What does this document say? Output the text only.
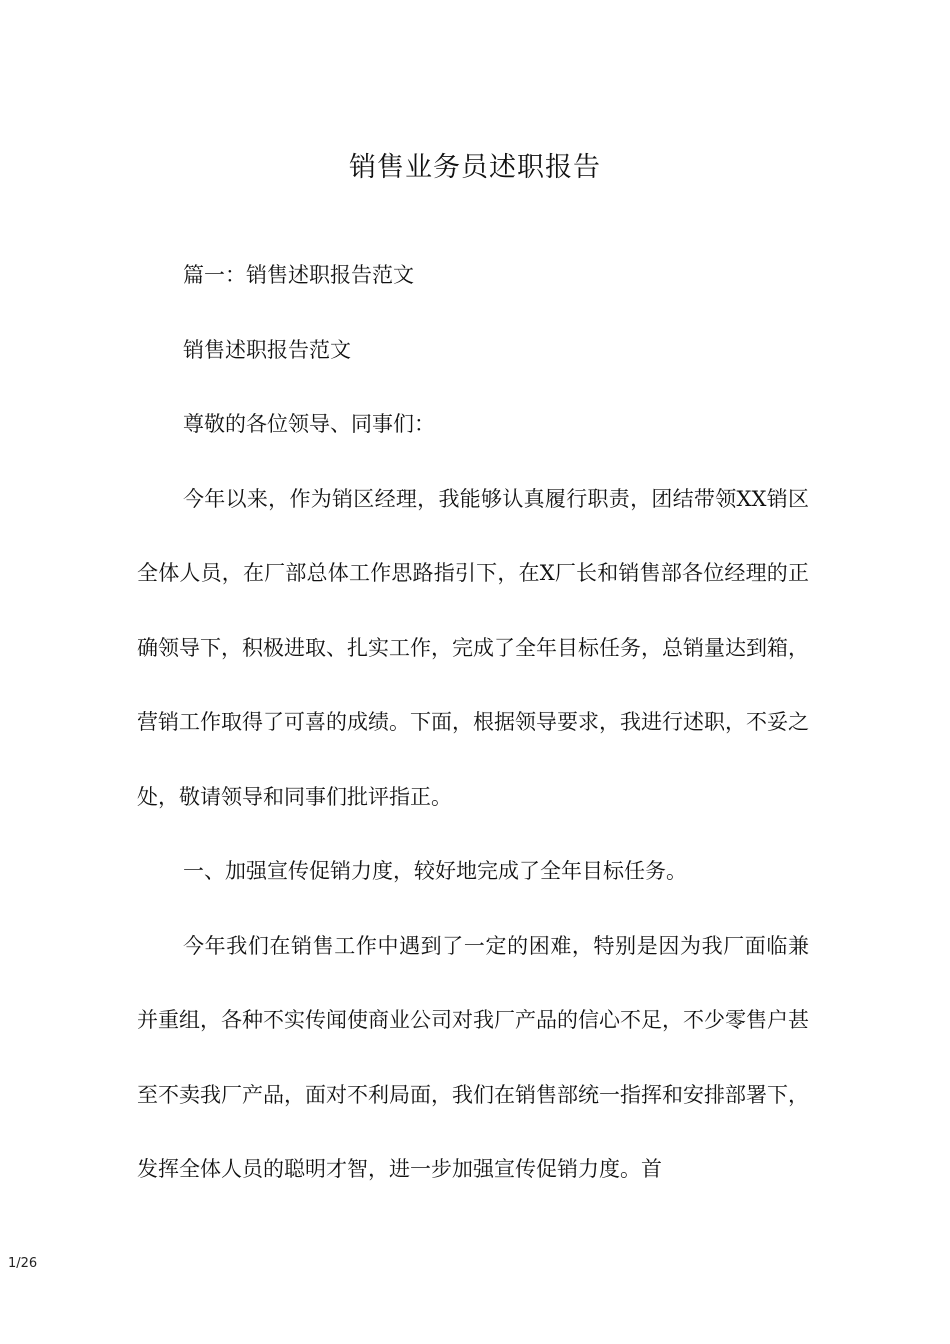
销售业务员述职报告

篇一：销售述职报告范文

销售述职报告范文

尊敬的各位领导、同事们：

今年以来，作为销区经理，我能够认真履行职责，团结带领XX销区全体人员，在厂部总体工作思路指引下，在X厂长和销售部各位经理的正确领导下，积极进取、扎实工作，完成了全年目标任务，总销量达到箱，营销工作取得了可喜的成绩。下面，根据领导要求，我进行述职，不妥之处，敬请领导和同事们批评指正。

一、加强宣传促销力度，较好地完成了全年目标任务。

今年我们在销售工作中遇到了一定的困难，特别是因为我厂面临兼并重组，各种不实传闻使商业公司对我厂产品的信心不足，不少零售户甚至不卖我厂产品，面对不利局面，我们在销售部统一指挥和安排部署下，发挥全体人员的聪明才智，进一步加强宣传促销力度。首

1/26
